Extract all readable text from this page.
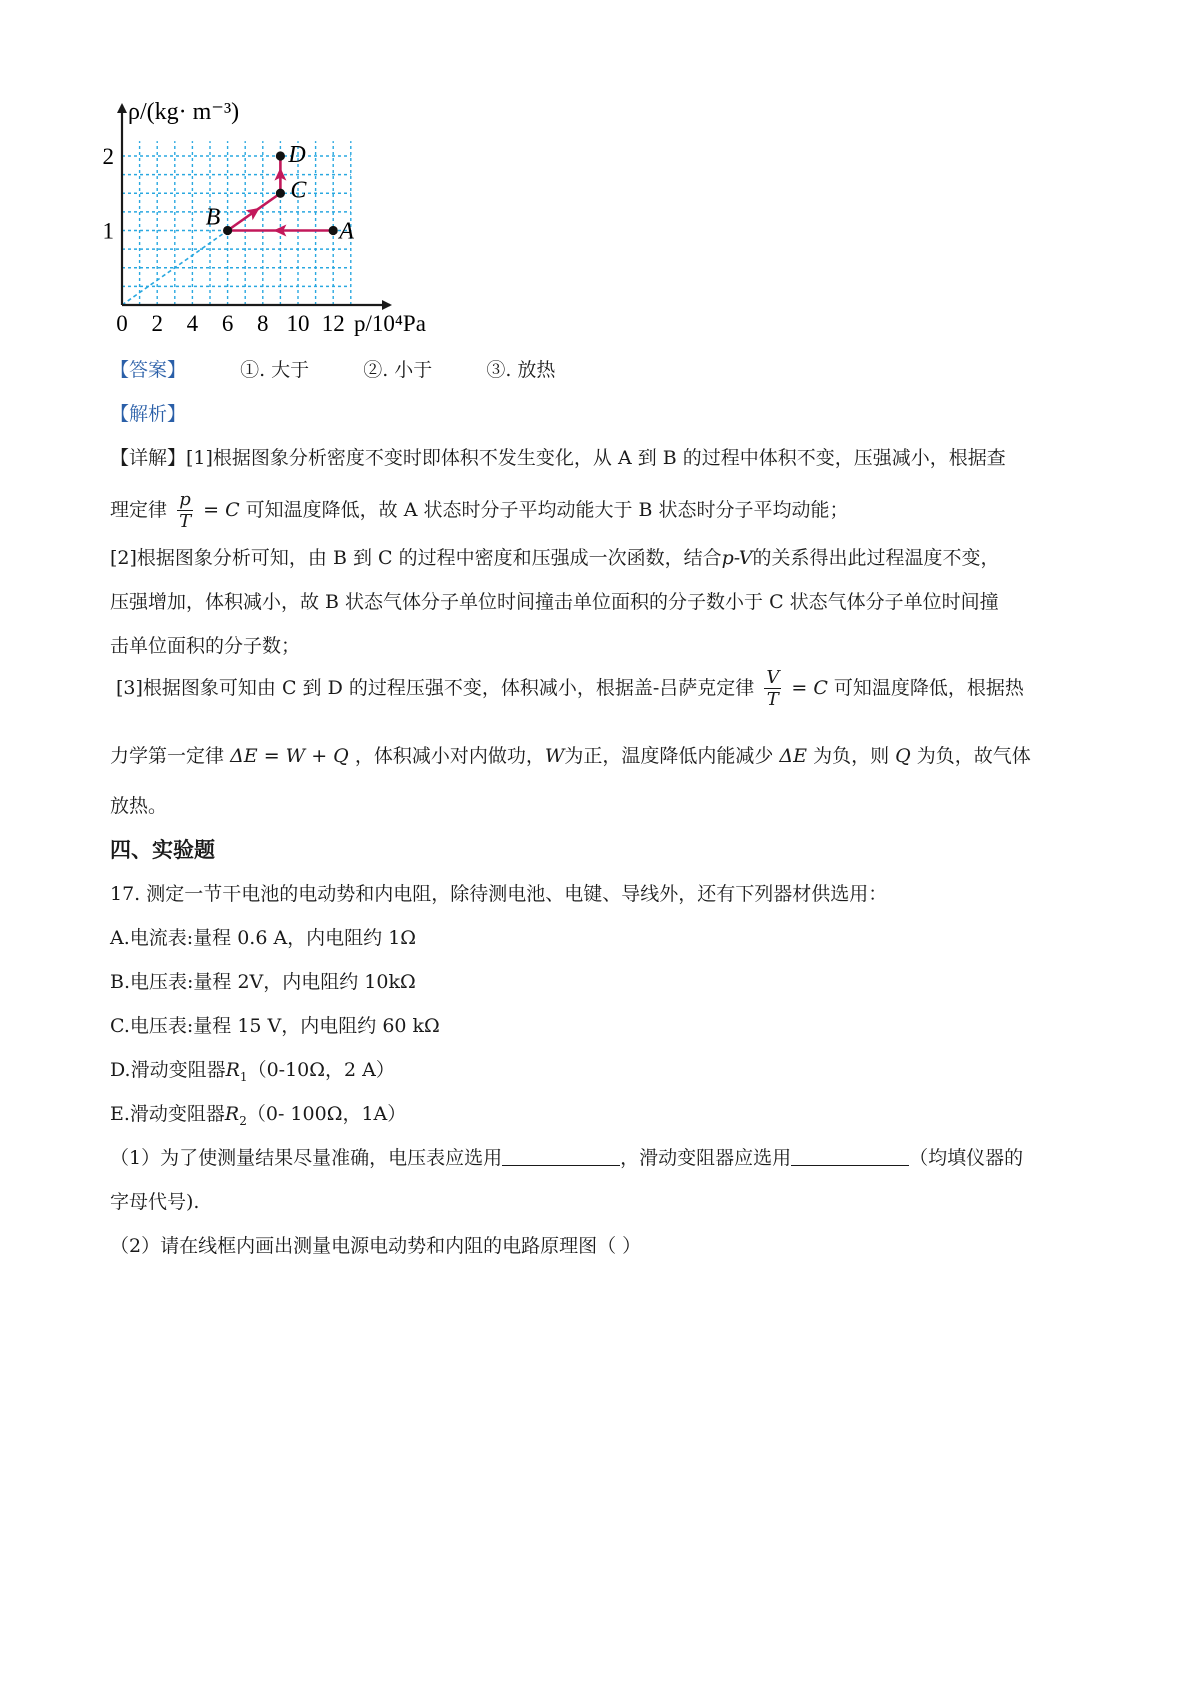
ρ/(kg· m⁻³)
p/10⁴Pa
0 2 4 6 8 10 12
1
2
A
B
C
D
【答案】	①. 大于	②. 小于	③. 放热
【解析】
【详解】[1]根据图象分析密度不变时即体积不发生变化，从 A 到 B 的过程中体积不变，压强减小，根据查
理定律 $\frac{p}{T} = C$ 可知温度降低，故 A 状态时分子平均动能大于 B 状态时分子平均动能；
[2]根据图象分析可知，由 B 到 C 的过程中密度和压强成一次函数，结合p-V的关系得出此过程温度不变，
压强增加，体积减小，故 B 状态气体分子单位时间撞击单位面积的分子数小于 C 状态气体分子单位时间撞
击单位面积的分子数；
[3]根据图象可知由 C 到 D 的过程压强不变，体积减小，根据盖-吕萨克定律 $\frac{V}{T} = C$ 可知温度降低，根据热
力学第一定律 ΔE = W + Q ，体积减小对内做功，W为正，温度降低内能减少 ΔE 为负，则 Q 为负，故气体
放热。
四、实验题
17. 测定一节干电池的电动势和内电阻，除待测电池、电键、导线外，还有下列器材供选用：
A.电流表:量程 0.6 A，内电阻约 1Ω
B.电压表:量程 2V，内电阻约 10kΩ
C.电压表:量程 15 V，内电阻约 60 kΩ
D.滑动变阻器$R_1(0-10\Omega$，2 A）
E.滑动变阻器$R_2(0-$ 100Ω，1A）
（1）为了使测量结果尽量准确，电压表应选用	，滑动变阻器应选用	（均填仪器的
字母代号).
（2）请在线框内画出测量电源电动势和内阻的电路原理图（ ）
